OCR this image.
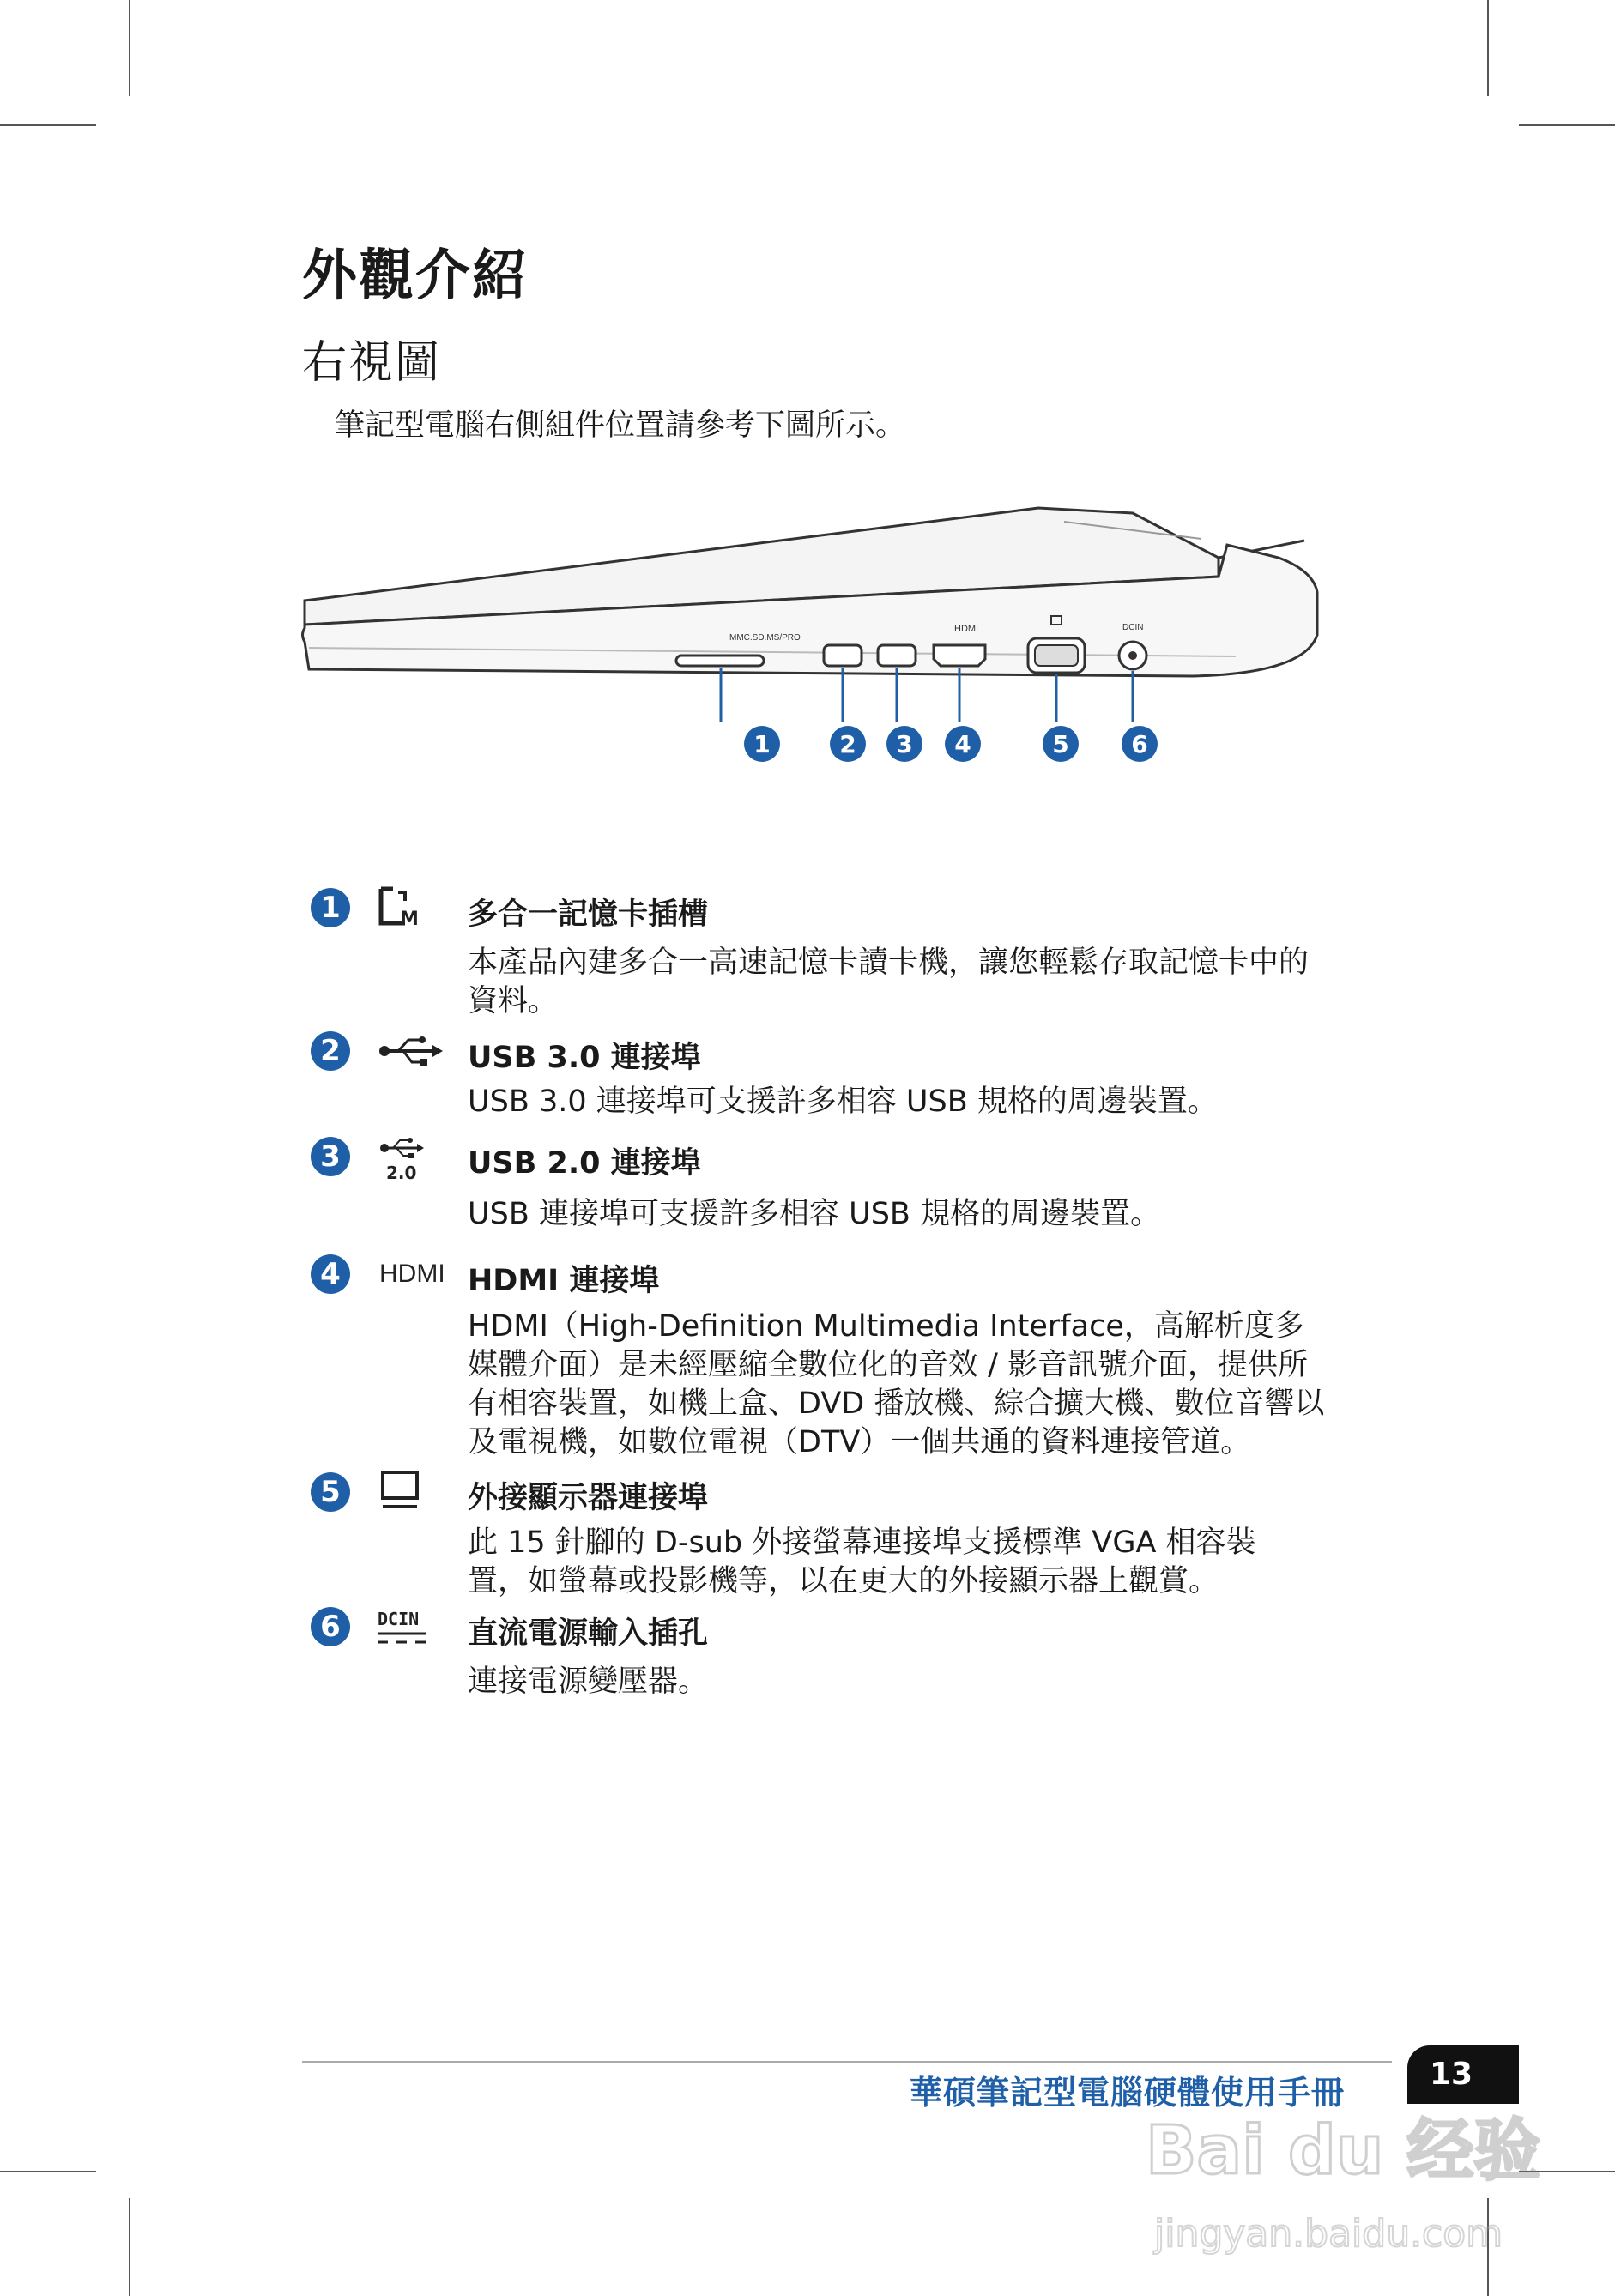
外觀介紹
右視圖

筆記型電腦右側組件位置請參考下圖所示。

MMC.SD.MS/PRO
HDMI	DCIN
1	2 3 4	5	6
1	M 多合一記憶卡插槽

本產品內建多合一高速記憶卡讀卡機，讓您輕鬆存取記憶卡中的資料。

2	USB 3.0 連接埠

USB 3.0 連接埠可支援許多相容 USB 規格的周邊裝置。

3	2.0 USB 2.0 連接埠

USB 連接埠可支援許多相容 USB 規格的周邊裝置。

4	HDMI HDMI 連接埠

HDMI（High-Definition Multimedia Interface，高解析度多媒體介面）是未經壓縮全數位化的音效 / 影音訊號介面，提供所有相容裝置，如機上盒、DVD 播放機、綜合擴大機、數位音響以及電視機，如數位電視（DTV）一個共通的資料連接管道。

5	外接顯示器連接埠

此 15 針腳的 D-sub 外接螢幕連接埠支援標準 VGA 相容裝置，如螢幕或投影機等，以在更大的外接顯示器上觀賞。

6	DCIN 直流電源輸入插孔

連接電源變壓器。

華碩筆記型電腦硬體使用手冊	13
Bai du 经验
jingyan.baidu.com
